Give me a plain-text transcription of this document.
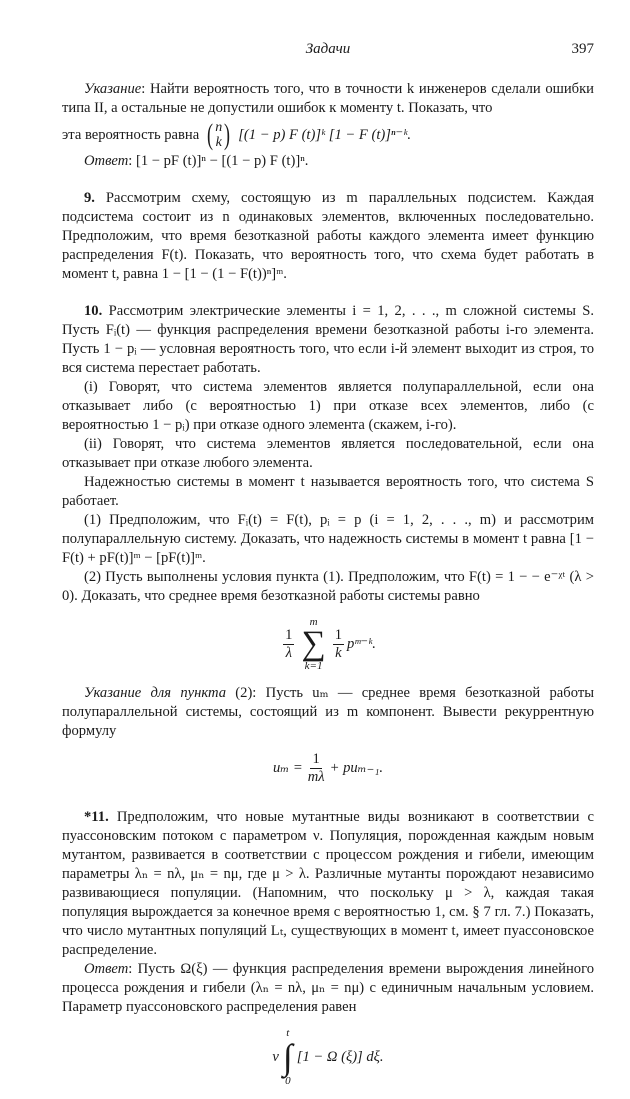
Задачи	397

Указание: Найти вероятность того, что в точности k инженеров сделали ошибки типа II, а остальные не допустили ошибок к моменту t. Показать, что

эта вероятность равна ( n
k ) [(1 − p) F (t)]ᵏ [1 − F (t)]ⁿ⁻ᵏ.

Ответ: [1 − pF (t)]ⁿ − [(1 − p) F (t)]ⁿ.

9. Рассмотрим схему, состоящую из m параллельных подсистем. Каждая подсистема состоит из n одинаковых элементов, включенных последовательно. Предположим, что время безотказной работы каждого элемента имеет функцию распределения F(t). Показать, что вероятность того, что схема будет работать в момент t, равна 1 − [1 − (1 − F(t))ⁿ]ᵐ.

10. Рассмотрим электрические элементы i = 1, 2, . . ., m сложной системы S. Пусть Fᵢ(t) — функция распределения времени безотказной работы i-го элемента. Пусть 1 − pᵢ — условная вероятность того, что если i-й элемент выходит из строя, то вся система перестает работать.

(i) Говорят, что система элементов является полупараллельной, если она отказывает либо (с вероятностью 1) при отказе всех элементов, либо (с вероятностью 1 − pᵢ) при отказе одного элемента (скажем, i-го).

(ii) Говорят, что система элементов является последовательной, если она отказывает при отказе любого элемента.

Надежностью системы в момент t называется вероятность того, что система S работает.

(1) Предположим, что Fᵢ(t) = F(t), pᵢ = p (i = 1, 2, . . ., m) и рассмотрим полупараллельную систему. Доказать, что надежность системы в момент t равна [1 − F(t) + pF(t)]ᵐ − [pF(t)]ᵐ.

(2) Пусть выполнены условия пункта (1). Предположим, что F(t) = 1 − − e⁻ᵡᵗ (λ > 0). Доказать, что среднее время безотказной работы системы равно

$\frac{1}{\lambda}$
m
∑
k=1
$\frac{1}{k}$ pᵐ⁻ᵏ.

Указание для пункта (2): Пусть uₘ — среднее время безотказной работы полупараллельной системы, состоящий из m компонент. Вывести рекуррентную формулу

$u_m = \frac{1}{m\lambda} + pu_{m-1}$.

*11. Предположим, что новые мутантные виды возникают в соответствии с пуассоновским потоком с параметром ν. Популяция, порожденная каждым новым мутантом, развивается в соответствии с процессом рождения и гибели, имеющим параметры λₙ = nλ, μₙ = nμ, где μ > λ. Различные мутанты порождают независимо развивающиеся популяции. (Напомним, что поскольку μ > λ, каждая такая популяция вырождается за конечное время с вероятностью 1, см. § 7 гл. 7.) Показать, что число мутантных популяций Lₜ, существующих в момент t, имеет пуассоновское распределение.

Ответ: Пусть Ω(ξ) — функция распределения времени вырождения линейного процесса рождения и гибели (λₙ = nλ, μₙ = nμ) с единичным начальным условием. Параметр пуассоновского распределения равен

ν
t
∫
0
[1 − Ω (ξ)] dξ.
